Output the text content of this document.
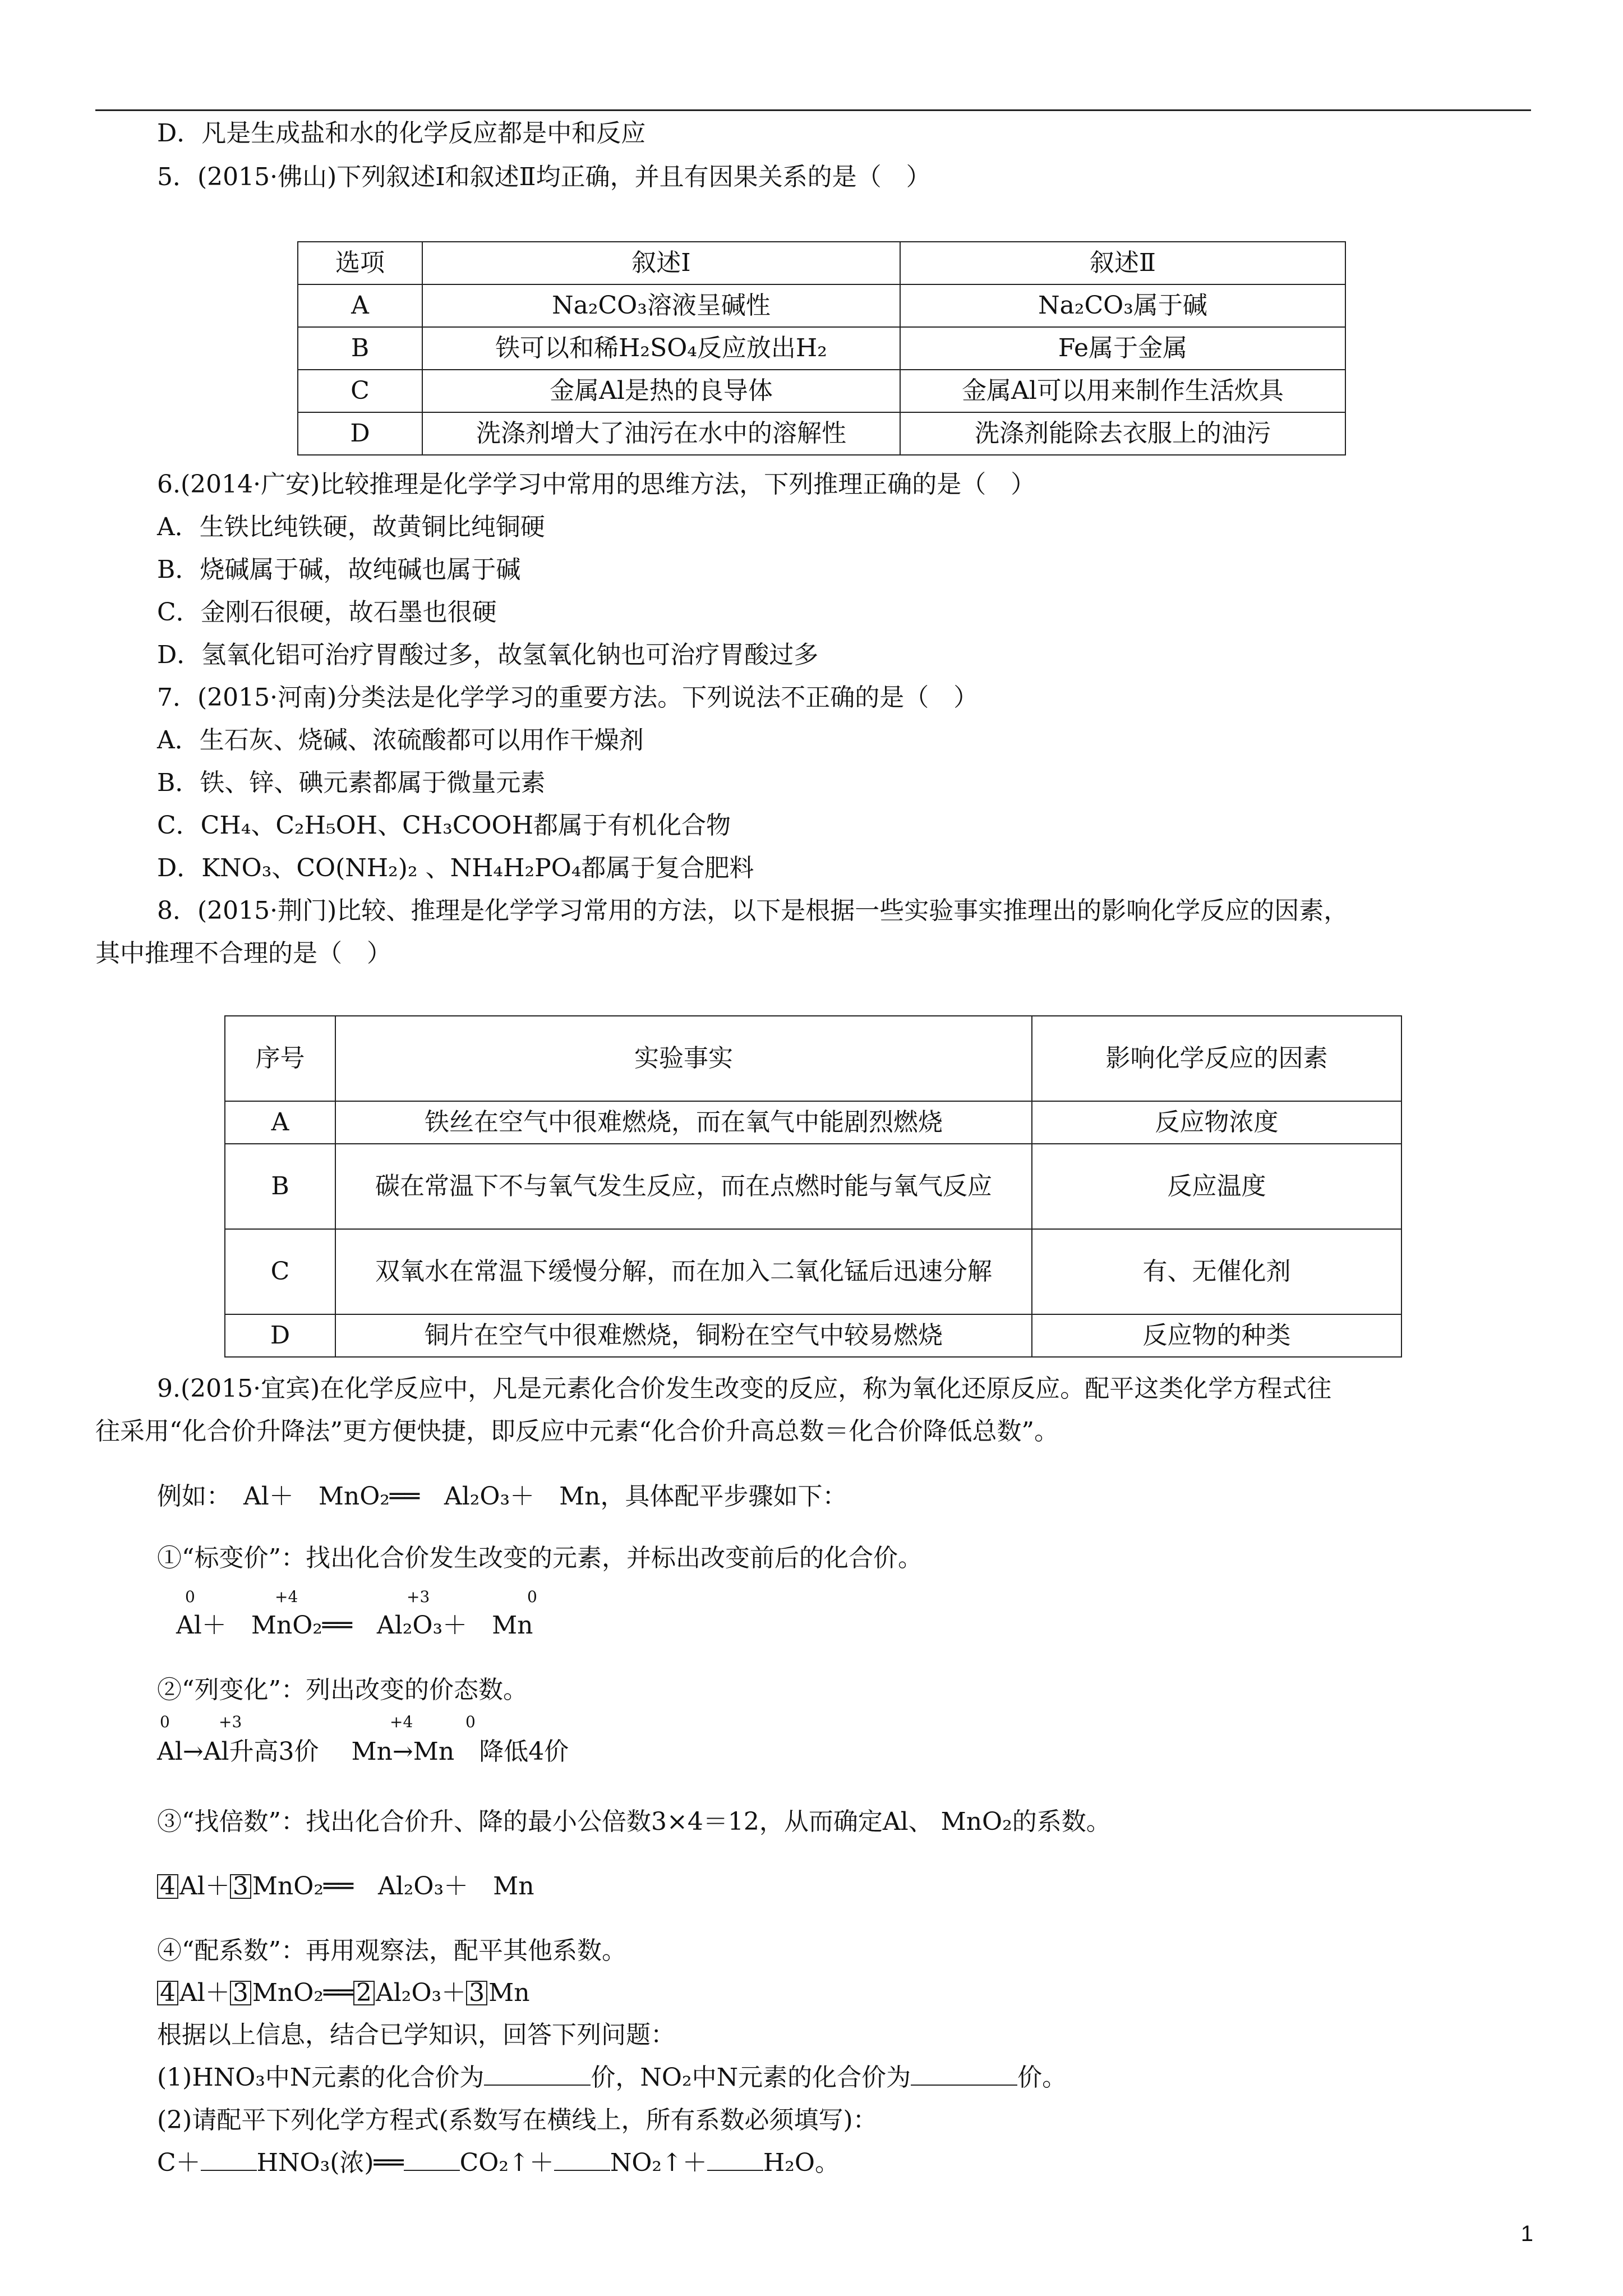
D．凡是生成盐和水的化学反应都是中和反应
5．(2015·佛山)下列叙述Ⅰ和叙述Ⅱ均正确，并且有因果关系的是（　）
选项	叙述Ⅰ	叙述Ⅱ
A	Na₂CO₃溶液呈碱性	Na₂CO₃属于碱
B	铁可以和稀H₂SO₄反应放出H₂	Fe属于金属
C	金属Al是热的良导体	金属Al可以用来制作生活炊具
D	洗涤剂增大了油污在水中的溶解性	洗涤剂能除去衣服上的油污
6.(2014·广安)比较推理是化学学习中常用的思维方法，下列推理正确的是（　）
A．生铁比纯铁硬，故黄铜比纯铜硬
B．烧碱属于碱，故纯碱也属于碱
C．金刚石很硬，故石墨也很硬
D．氢氧化铝可治疗胃酸过多，故氢氧化钠也可治疗胃酸过多
7．(2015·河南)分类法是化学学习的重要方法。下列说法不正确的是（　）
A．生石灰、烧碱、浓硫酸都可以用作干燥剂
B．铁、锌、碘元素都属于微量元素
C．CH₄、C₂H₅OH、CH₃COOH都属于有机化合物
D．KNO₃、CO(NH₂)₂ 、NH₄H₂PO₄都属于复合肥料
8．(2015·荆门)比较、推理是化学学习常用的方法，以下是根据一些实验事实推理出的影响化学反应的因素，
其中推理不合理的是（　）
序号	实验事实	影响化学反应的因素
A	铁丝在空气中很难燃烧，而在氧气中能剧烈燃烧	反应物浓度
B	碳在常温下不与氧气发生反应，而在点燃时能与氧气反应	反应温度
C	双氧水在常温下缓慢分解，而在加入二氧化锰后迅速分解	有、无催化剂
D	铜片在空气中很难燃烧，铜粉在空气中较易燃烧	反应物的种类
9.(2015·宜宾)在化学反应中，凡是元素化合价发生改变的反应，称为氧化还原反应。配平这类化学方程式往
往采用“化合价升降法”更方便快捷，即反应中元素“化合价升高总数＝化合价降低总数”。
例如：　Al＋　MnO₂══　Al₂O₃＋　Mn，具体配平步骤如下：
①“标变价”：找出化合价发生改变的元素，并标出改变前后的化合价。
0	+4	+3	0
Al＋　MnO₂══　Al₂O₃＋　Mn
②“列变化”：列出改变的价态数。
0	+3	+4	0
Al→Al升高3价　 Mn→Mn　降低4价
③“找倍数”：找出化合价升、降的最小公倍数3×4＝12，从而确定Al、 MnO₂的系数。
4 Al＋ 3 MnO₂══　Al₂O₃＋　Mn
④“配系数”：再用观察法，配平其他系数。
4 Al＋ 3 MnO₂══ 2 Al₂O₃＋ 3 Mn
根据以上信息，结合已学知识，回答下列问题：
(1)HNO₃中N元素的化合价为	价，NO₂中N元素的化合价为	价。
(2)请配平下列化学方程式(系数写在横线上，所有系数必须填写)：
C＋ HNO₃(浓)══ CO₂↑＋ NO₂↑＋ H₂O。
1
